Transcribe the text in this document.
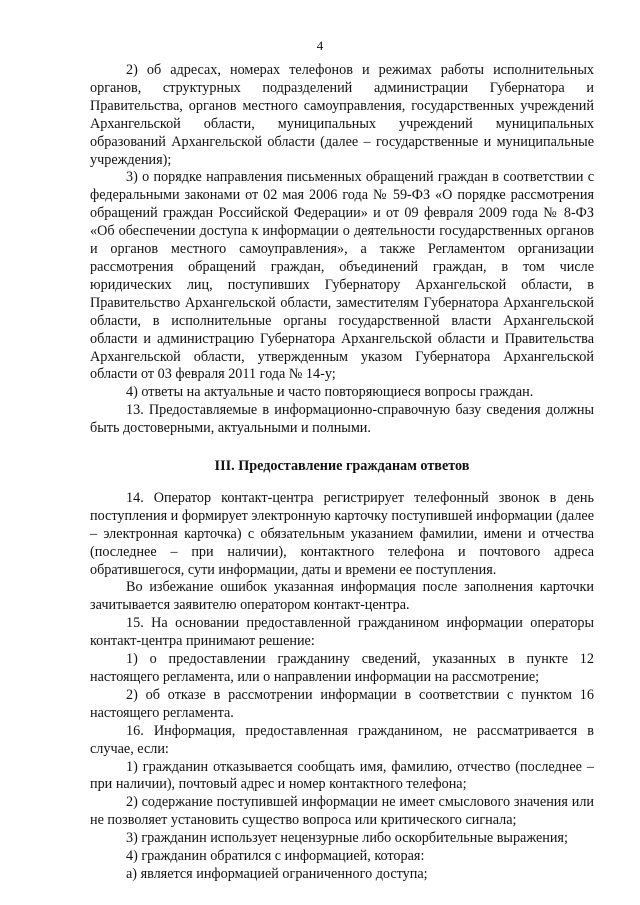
4

2) об адресах, номерах телефонов и режимах работы исполнительных органов, структурных подразделений администрации Губернатора и Правительства, органов местного самоуправления, государственных учреждений Архангельской области, муниципальных учреждений муниципальных образований Архангельской области (далее – государственные и муниципальные учреждения);

3) о порядке направления письменных обращений граждан в соответствии с федеральными законами от 02 мая 2006 года № 59-ФЗ «О порядке рассмотрения обращений граждан Российской Федерации» и от 09 февраля 2009 года № 8-ФЗ «Об обеспечении доступа к информации о деятельности государственных органов и органов местного самоуправления», а также Регламентом организации рассмотрения обращений граждан, объединений граждан, в том числе юридических лиц, поступивших Губернатору Архангельской области, в Правительство Архангельской области, заместителям Губернатора Архангельской области, в исполнительные органы государственной власти Архангельской области и администрацию Губернатора Архангельской области и Правительства Архангельской области, утвержденным указом Губернатора Архангельской области от 03 февраля 2011 года № 14-у;

4) ответы на актуальные и часто повторяющиеся вопросы граждан.

13. Предоставляемые в информационно-справочную базу сведения должны быть достоверными, актуальными и полными.

III. Предоставление гражданам ответов

14. Оператор контакт-центра регистрирует телефонный звонок в день поступления и формирует электронную карточку поступившей информации (далее – электронная карточка) с обязательным указанием фамилии, имени и отчества (последнее – при наличии), контактного телефона и почтового адреса обратившегося, сути информации, даты и времени ее поступления.

Во избежание ошибок указанная информация после заполнения карточки зачитывается заявителю оператором контакт-центра.

15. На основании предоставленной гражданином информации операторы контакт-центра принимают решение:

1) о предоставлении гражданину сведений, указанных в пункте 12 настоящего регламента, или о направлении информации на рассмотрение;

2) об отказе в рассмотрении информации в соответствии с пунктом 16 настоящего регламента.

16. Информация, предоставленная гражданином, не рассматривается в случае, если:

1) гражданин отказывается сообщать имя, фамилию, отчество (последнее – при наличии), почтовый адрес и номер контактного телефона;

2) содержание поступившей информации не имеет смыслового значения или не позволяет установить существо вопроса или критического сигнала;

3) гражданин использует нецензурные либо оскорбительные выражения;

4) гражданин обратился с информацией, которая:

а) является информацией ограниченного доступа;
